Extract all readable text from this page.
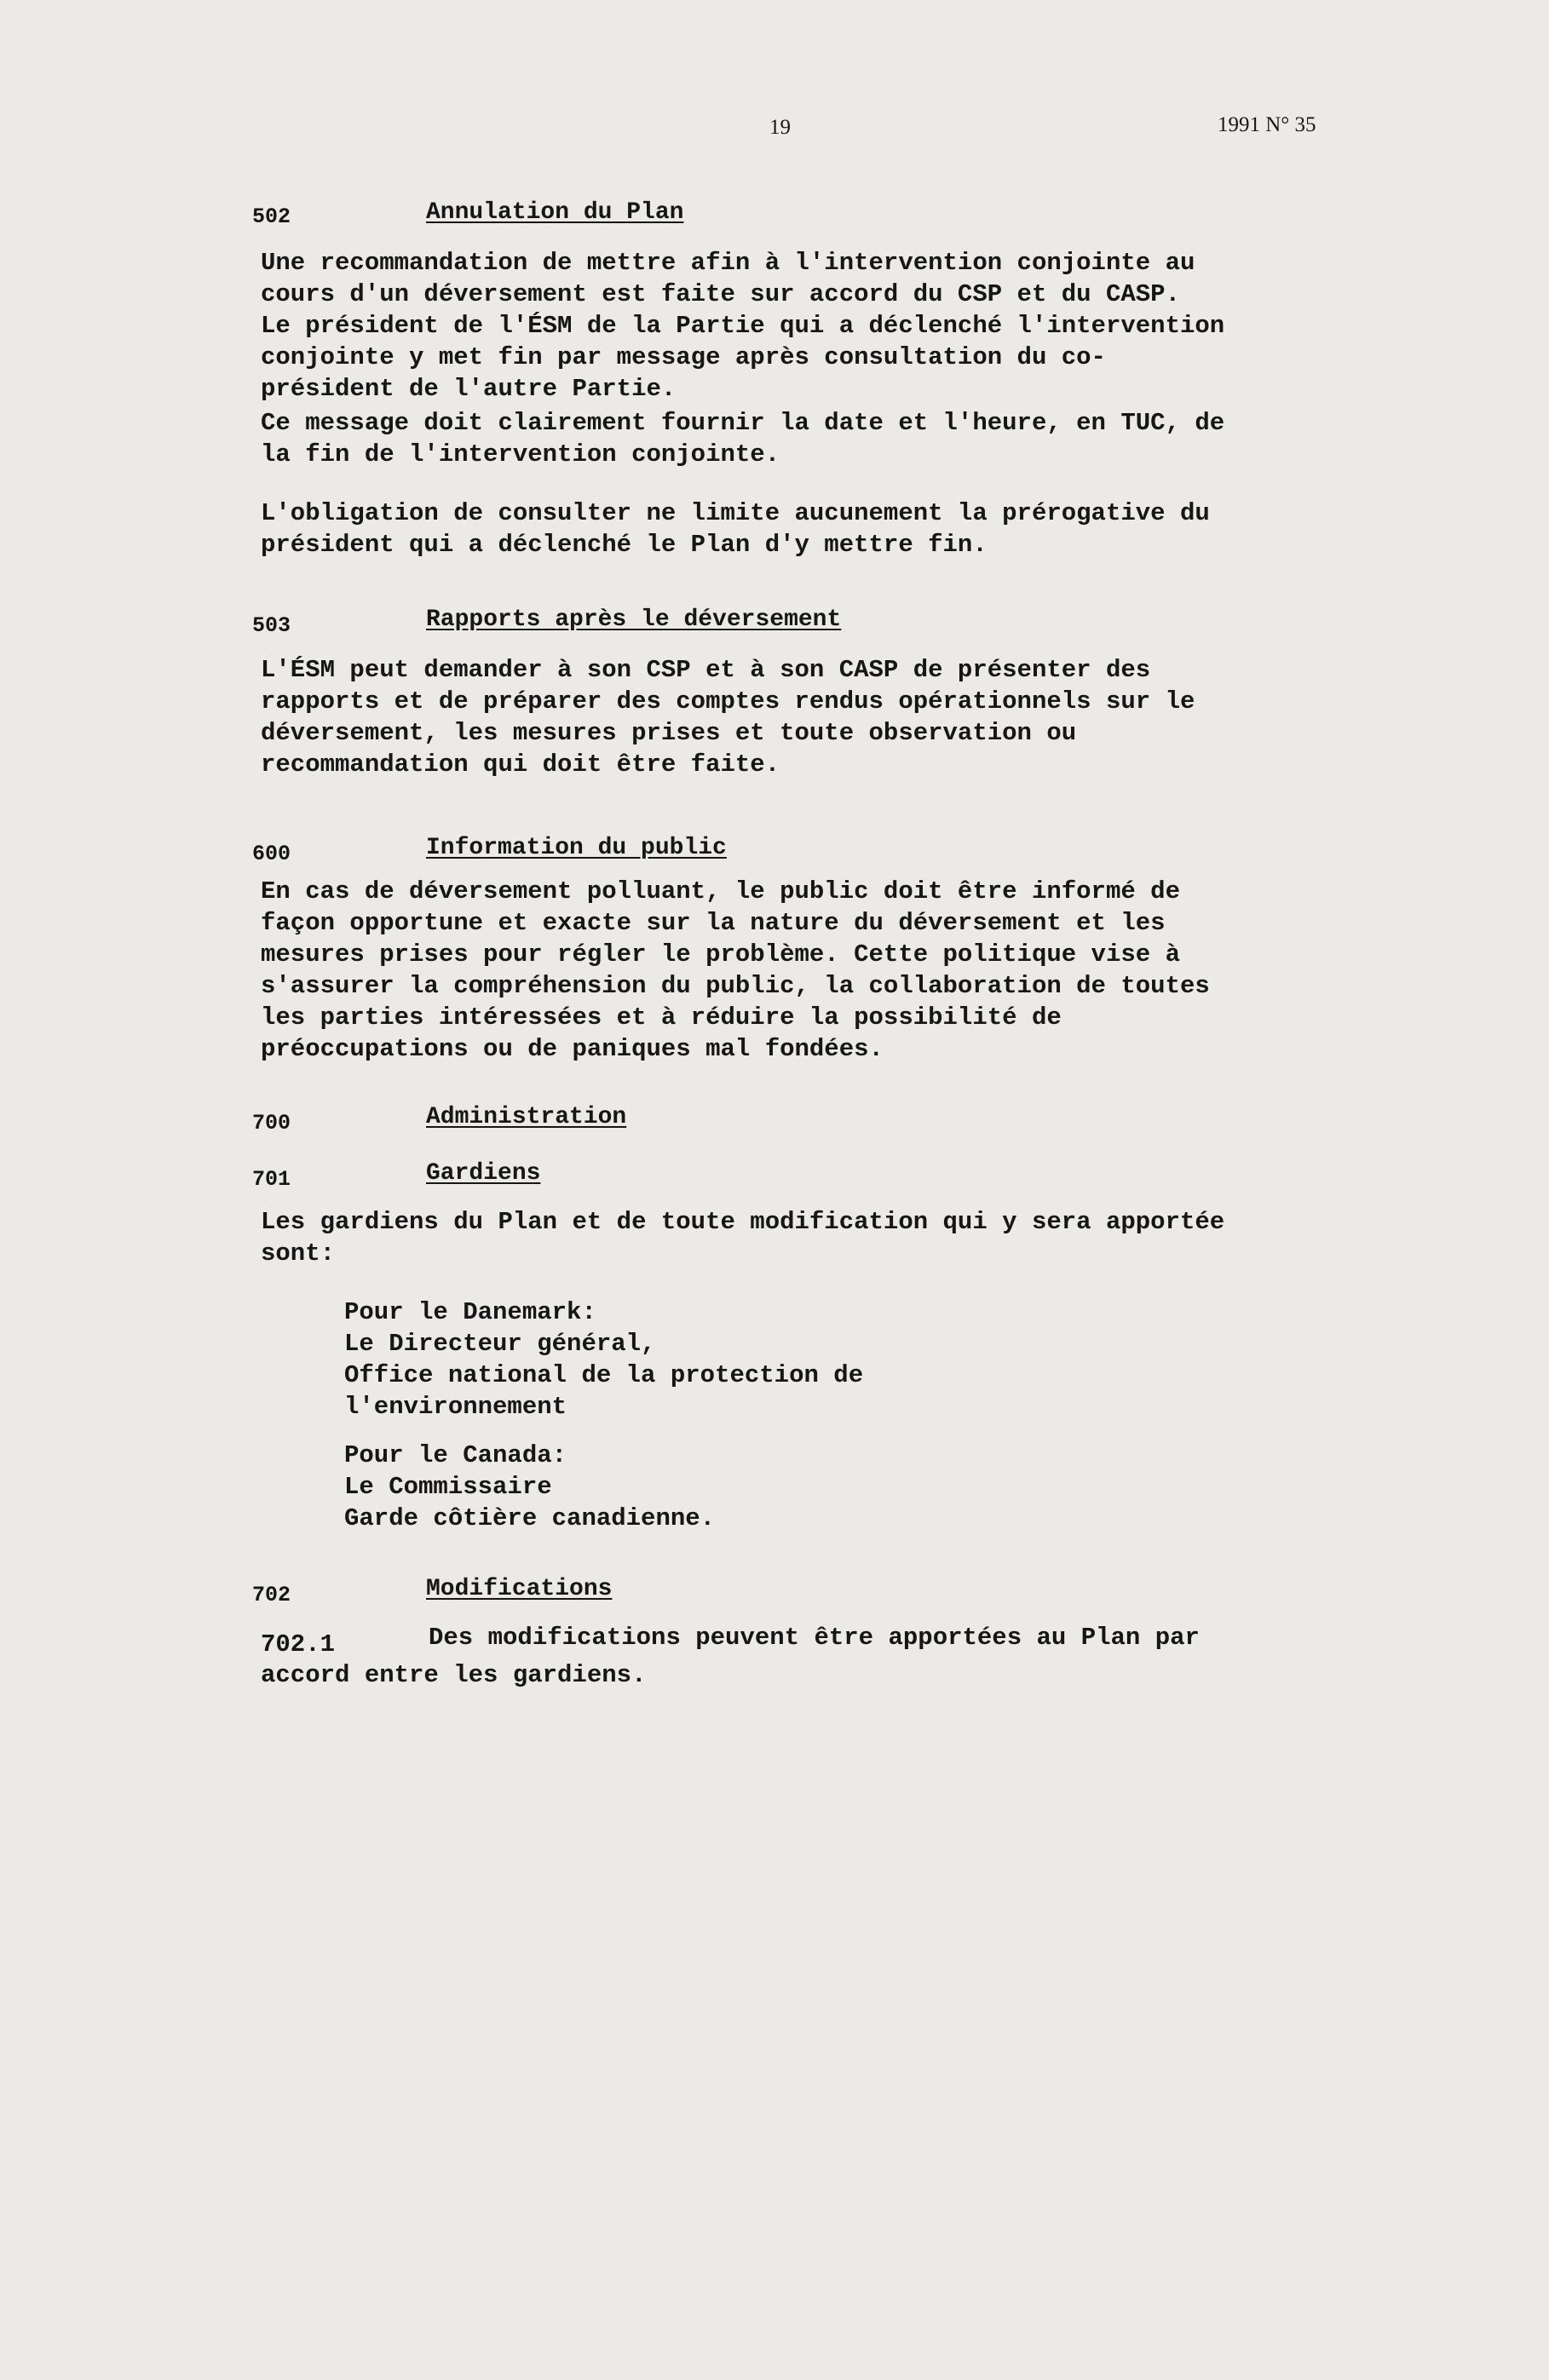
19	1991 N° 35
502	Annulation du Plan

Une recommandation de mettre afin à l'intervention conjointe au
cours d'un déversement est faite sur accord du CSP et du CASP.
Le président de l'ÉSM de la Partie qui a déclenché l'intervention
conjointe y met fin par message après consultation du co-
président de l'autre Partie.

Ce message doit clairement fournir la date et l'heure, en TUC, de
la fin de l'intervention conjointe.

L'obligation de consulter ne limite aucunement la prérogative du
président qui a déclenché le Plan d'y mettre fin.

503	Rapports après le déversement

L'ÉSM peut demander à son CSP et à son CASP de présenter des
rapports et de préparer des comptes rendus opérationnels sur le
déversement, les mesures prises et toute observation ou
recommandation qui doit être faite.

600	Information du public

En cas de déversement polluant, le public doit être informé de
façon opportune et exacte sur la nature du déversement et les
mesures prises pour régler le problème. Cette politique vise à
s'assurer la compréhension du public, la collaboration de toutes
les parties intéressées et à réduire la possibilité de
préoccupations ou de paniques mal fondées.

700	Administration
701	Gardiens

Les gardiens du Plan et de toute modification qui y sera apportée
sont:

Pour le Danemark:
Le Directeur général,
Office national de la protection de
l'environnement

Pour le Canada:
Le Commissaire
Garde côtière canadienne.

702	Modifications
702.1	Des modifications peuvent être apportées au Plan par
accord entre les gardiens.
